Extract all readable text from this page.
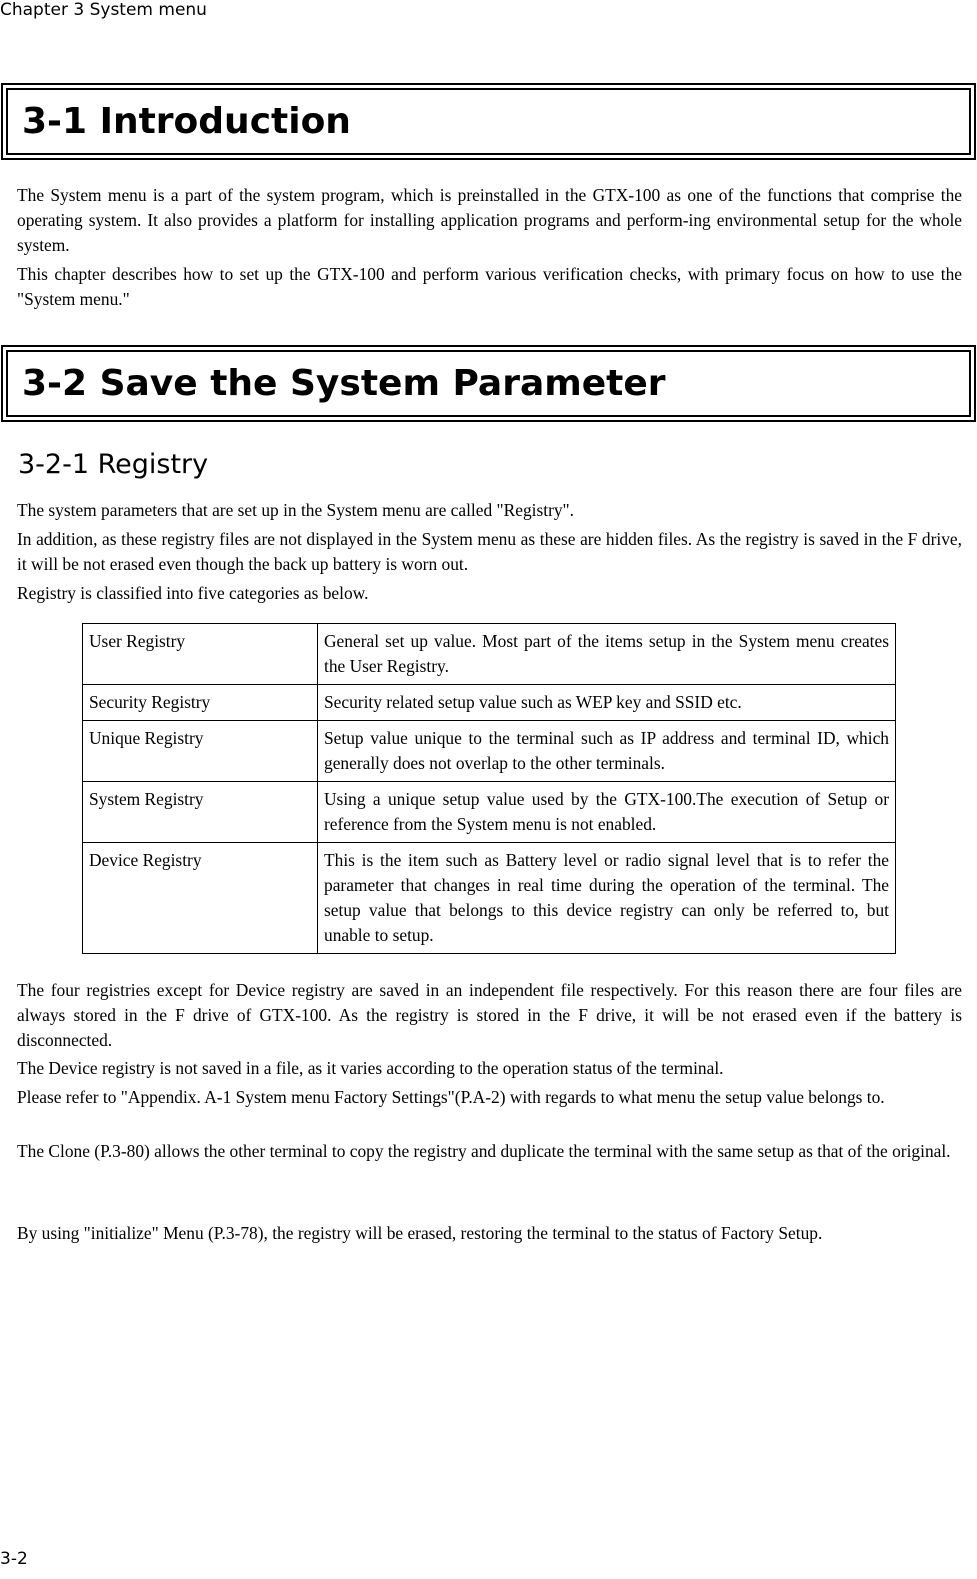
Chapter 3 System menu
3-1 Introduction

The System menu is a part of the system program, which is preinstalled in the GTX-100 as one of the functions that comprise the operating system. It also provides a platform for installing application programs and perform-ing environmental setup for the whole system.

This chapter describes how to set up the GTX-100 and perform various verification checks, with primary focus on how to use the "System menu."

3-2 Save the System Parameter
3-2-1 Registry

The system parameters that are set up in the System menu are called "Registry".

In addition, as these registry files are not displayed in the System menu as these are hidden files. As the registry is saved in the F drive, it will be not erased even though the back up battery is worn out.

Registry is classified into five categories as below.

User Registry	General set up value. Most part of the items setup in the System menu creates the User Registry.
Security Registry	Security related setup value such as WEP key and SSID etc.
Unique Registry	Setup value unique to the terminal such as IP address and terminal ID, which generally does not overlap to the other terminals.
System Registry	Using a unique setup value used by the GTX-100.The execution of Setup or reference from the System menu is not enabled.
Device Registry	This is the item such as Battery level or radio signal level that is to refer the parameter that changes in real time during the operation of the terminal. The setup value that belongs to this device registry can only be referred to, but unable to setup.

The four registries except for Device registry are saved in an independent file respectively. For this reason there are four files are always stored in the F drive of GTX-100. As the registry is stored in the F drive, it will be not erased even if the battery is disconnected.

The Device registry is not saved in a file, as it varies according to the operation status of the terminal.

Please refer to "Appendix. A-1 System menu Factory Settings"(P.A-2) with regards to what menu the setup value belongs to.

The Clone (P.3-80) allows the other terminal to copy the registry and duplicate the terminal with the same setup as that of the original.

By using "initialize" Menu (P.3-78), the registry will be erased, restoring the terminal to the status of Factory Setup.

3-2
